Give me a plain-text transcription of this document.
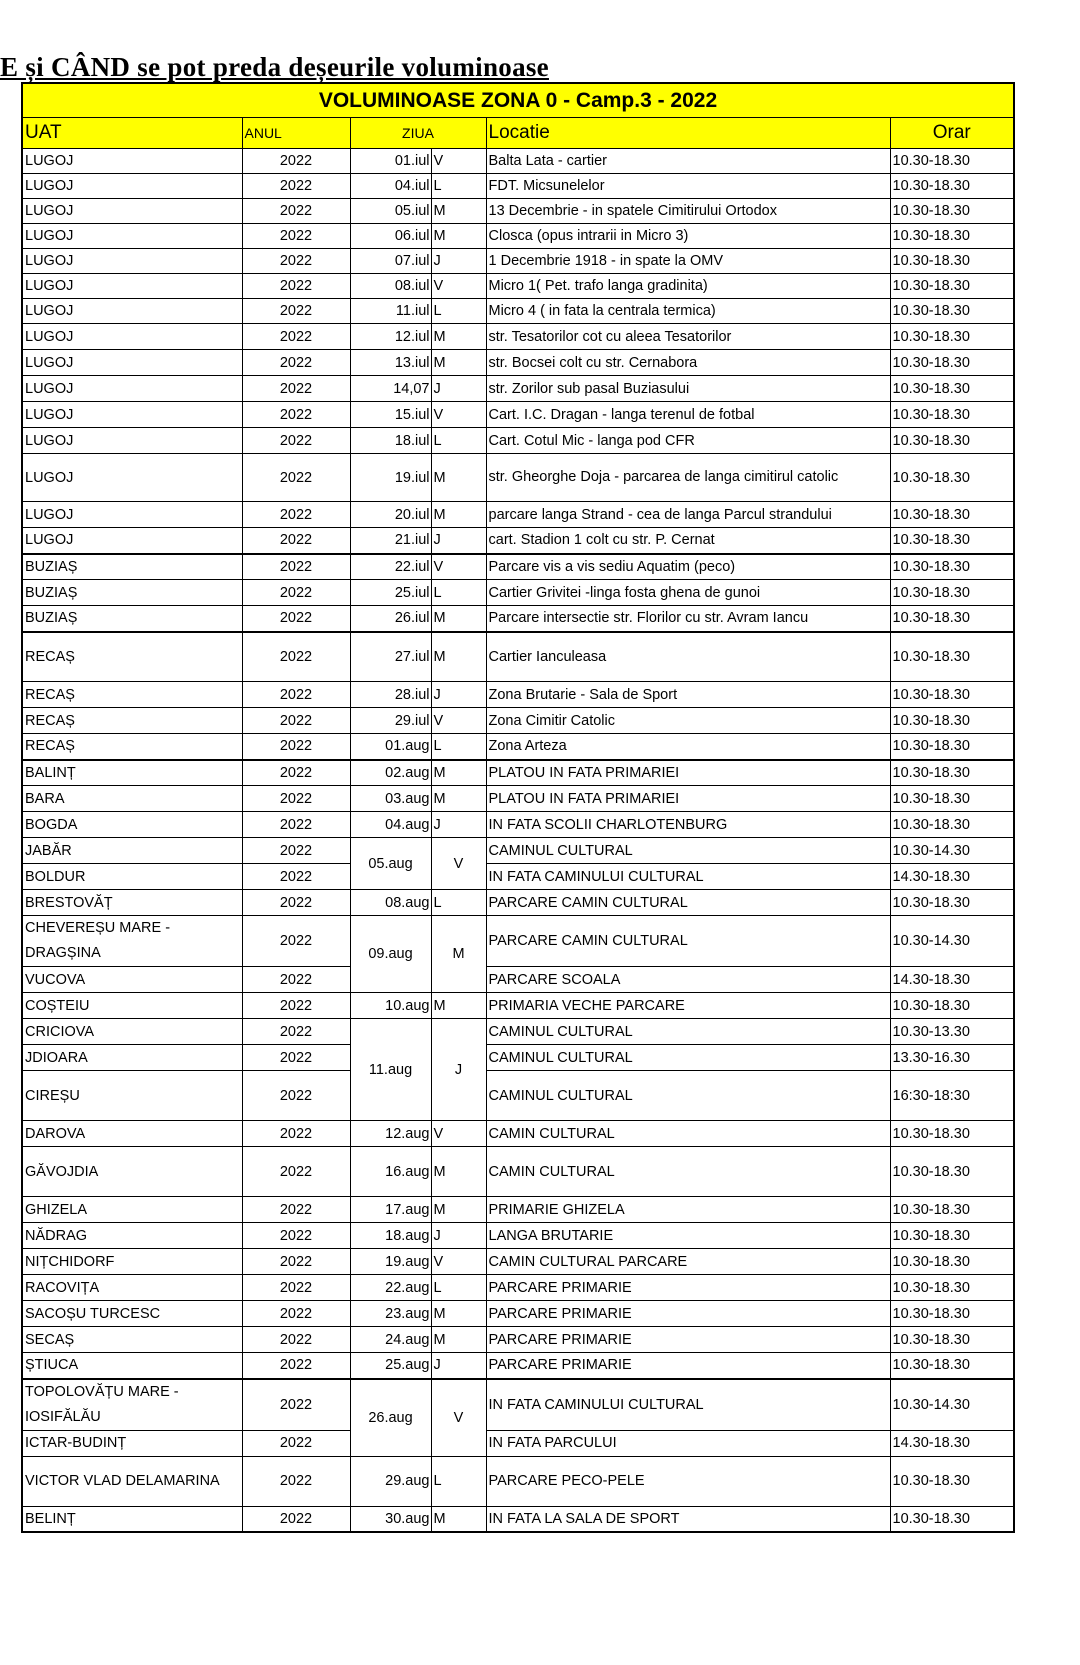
E și CÂND se pot preda deșeurile voluminoase
VOLUMINOASE ZONA 0 - Camp.3 - 2022					
UAT	ANUL	ZIUA		Locatie	Orar
LUGOJ	2022	01.iul	V	Balta Lata - cartier	10.30-18.30
LUGOJ	2022	04.iul	L	FDT. Micsunelelor	10.30-18.30
LUGOJ	2022	05.iul	M	13 Decembrie - in spatele Cimitirului Ortodox	10.30-18.30
LUGOJ	2022	06.iul	M	Closca (opus intrarii in Micro 3)	10.30-18.30
LUGOJ	2022	07.iul	J	1 Decembrie 1918 - in spate la OMV	10.30-18.30
LUGOJ	2022	08.iul	V	Micro 1( Pet. trafo langa gradinita)	10.30-18.30
LUGOJ	2022	11.iul	L	Micro 4 ( in fata la centrala termica)	10.30-18.30
LUGOJ	2022	12.iul	M	str. Tesatorilor cot cu aleea Tesatorilor	10.30-18.30
LUGOJ	2022	13.iul	M	str. Bocsei colt cu str. Cernabora	10.30-18.30
LUGOJ	2022	14,07	J	str. Zorilor sub pasal Buziasului	10.30-18.30
LUGOJ	2022	15.iul	V	Cart. I.C. Dragan - langa terenul de fotbal	10.30-18.30
LUGOJ	2022	18.iul	L	Cart. Cotul Mic - langa pod CFR	10.30-18.30
LUGOJ	2022	19.iul	M	str. Gheorghe Doja - parcarea de langa cimitirul catolic	10.30-18.30
LUGOJ	2022	20.iul	M	parcare langa Strand - cea de langa Parcul strandului	10.30-18.30
LUGOJ	2022	21.iul	J	cart. Stadion 1 colt cu str. P. Cernat	10.30-18.30
BUZIAȘ	2022	22.iul	V	Parcare vis a vis sediu Aquatim (peco)	10.30-18.30
BUZIAȘ	2022	25.iul	L	Cartier Grivitei -linga fosta ghena de gunoi	10.30-18.30
BUZIAȘ	2022	26.iul	M	Parcare intersectie str. Florilor cu str. Avram Iancu	10.30-18.30
RECAȘ	2022	27.iul	M	Cartier Ianculeasa	10.30-18.30
RECAȘ	2022	28.iul	J	Zona Brutarie - Sala de Sport	10.30-18.30
RECAȘ	2022	29.iul	V	Zona Cimitir Catolic	10.30-18.30
RECAȘ	2022	01.aug	L	Zona Arteza	10.30-18.30
BALINȚ	2022	02.aug	M	PLATOU IN FATA PRIMARIEI	10.30-18.30
BARA	2022	03.aug	M	PLATOU IN FATA PRIMARIEI	10.30-18.30
BOGDA	2022	04.aug	J	IN FATA SCOLII CHARLOTENBURG	10.30-18.30
JABĂR	2022	05.aug	V	CAMINUL CULTURAL	10.30-14.30
BOLDUR	2022			IN FATA CAMINULUI CULTURAL	14.30-18.30
BRESTOVĂȚ	2022	08.aug	L	PARCARE CAMIN CULTURAL	10.30-18.30
CHEVEREȘU MARE - DRAGȘINA	2022	09.aug	M	PARCARE CAMIN CULTURAL	10.30-14.30
VUCOVA	2022			PARCARE SCOALA	14.30-18.30
COȘTEIU	2022	10.aug	M	PRIMARIA VECHE PARCARE	10.30-18.30
CRICIOVA	2022	11.aug	J	CAMINUL CULTURAL	10.30-13.30
JDIOARA	2022			CAMINUL CULTURAL	13.30-16.30
CIREȘU	2022			CAMINUL CULTURAL	16:30-18:30
DAROVA	2022	12.aug	V	CAMIN CULTURAL	10.30-18.30
GĂVOJDIA	2022	16.aug	M	CAMIN CULTURAL	10.30-18.30
GHIZELA	2022	17.aug	M	PRIMARIE GHIZELA	10.30-18.30
NĂDRAG	2022	18.aug	J	LANGA BRUTARIE	10.30-18.30
NIȚCHIDORF	2022	19.aug	V	CAMIN CULTURAL PARCARE	10.30-18.30
RACOVIȚA	2022	22.aug	L	PARCARE PRIMARIE	10.30-18.30
SACOȘU TURCESC	2022	23.aug	M	PARCARE PRIMARIE	10.30-18.30
SECAȘ	2022	24.aug	M	PARCARE PRIMARIE	10.30-18.30
ȘTIUCA	2022	25.aug	J	PARCARE PRIMARIE	10.30-18.30
TOPOLOVĂȚU MARE - IOSIFĂLĂU	2022	26.aug	V	IN FATA CAMINULUI CULTURAL	10.30-14.30
ICTAR-BUDINȚ	2022			IN FATA PARCULUI	14.30-18.30
VICTOR VLAD DELAMARINA	2022	29.aug	L	PARCARE PECO-PELE	10.30-18.30
BELINȚ	2022	30.aug	M	IN FATA LA SALA DE SPORT	10.30-18.30
